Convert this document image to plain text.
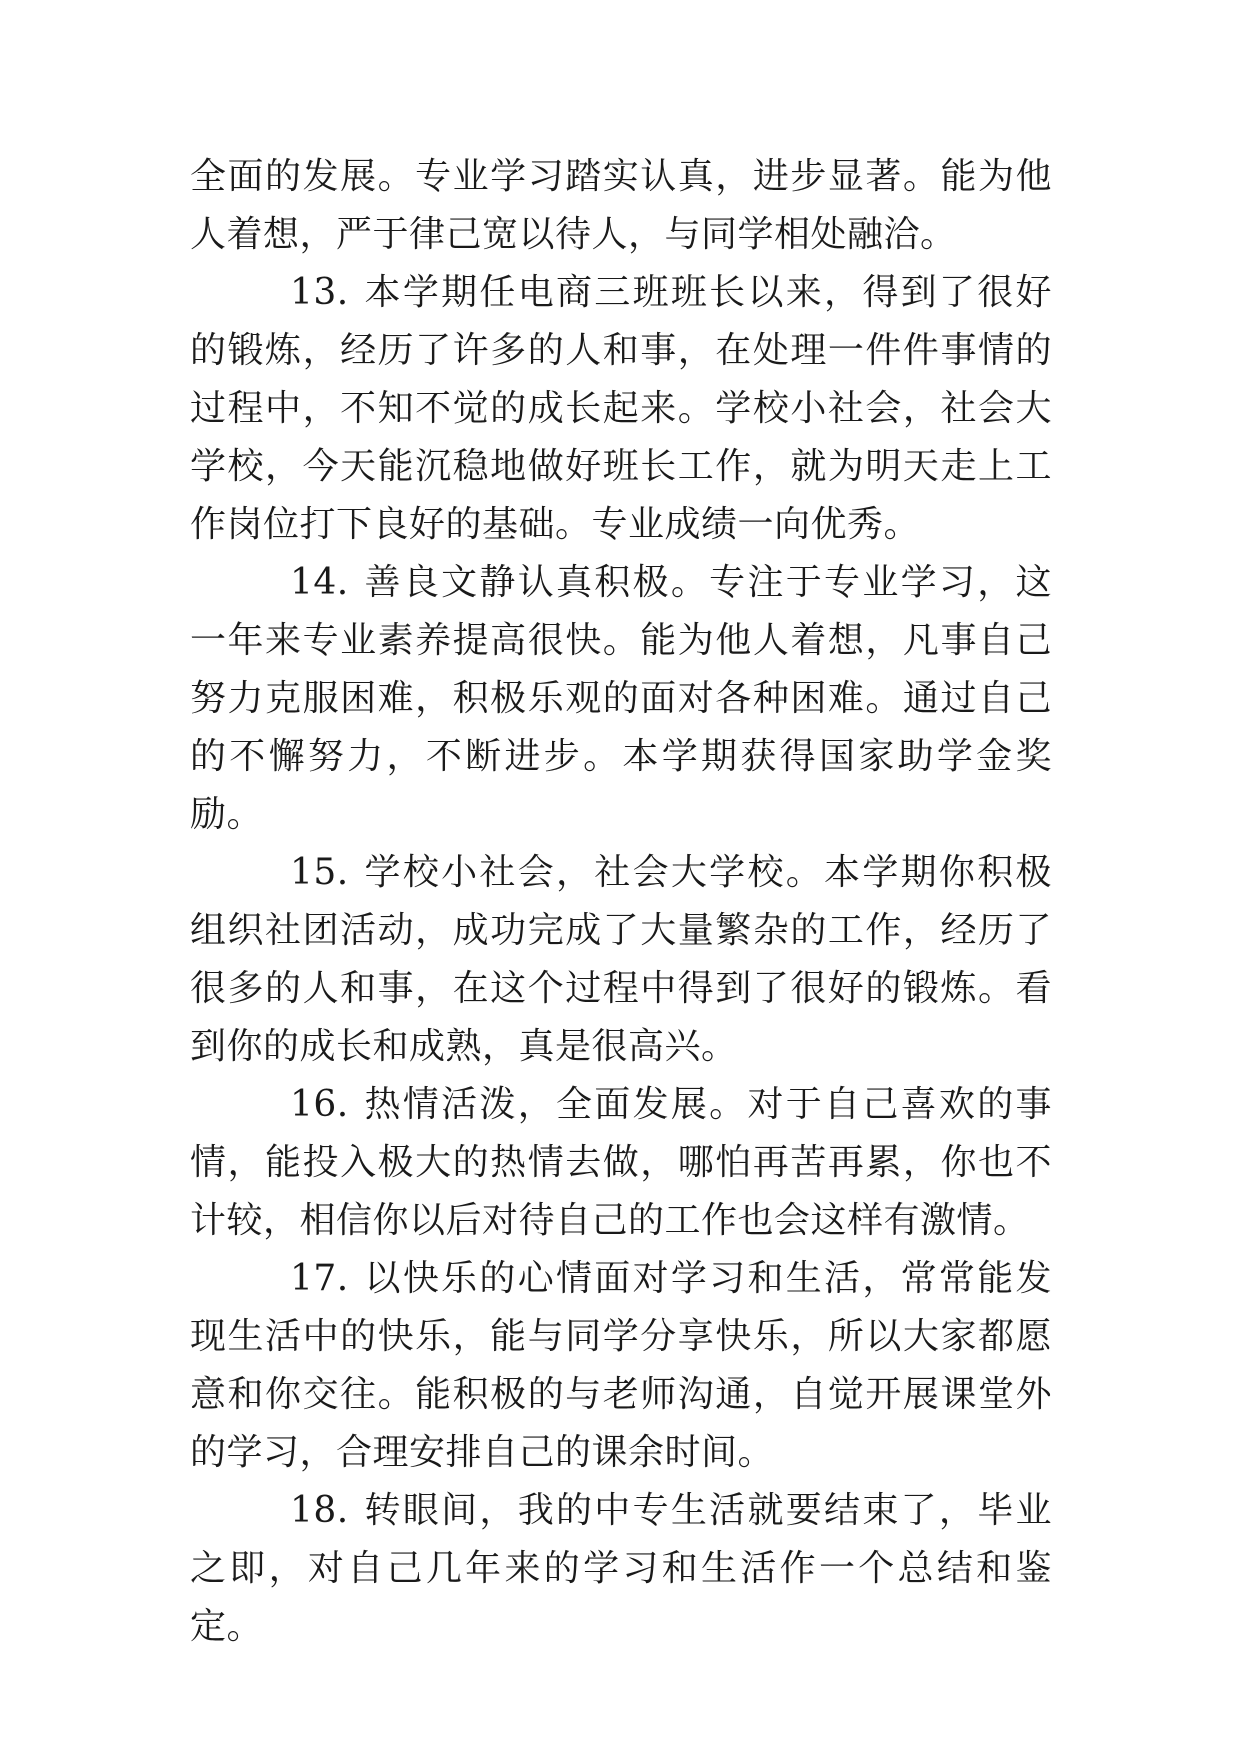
全面的发展。专业学习踏实认真，进步显著。能为他人着想，严于律己宽以待人，与同学相处融洽。

13. 本学期任电商三班班长以来，得到了很好的锻炼，经历了许多的人和事，在处理一件件事情的过程中，不知不觉的成长起来。学校小社会，社会大学校，今天能沉稳地做好班长工作，就为明天走上工作岗位打下良好的基础。专业成绩一向优秀。

14. 善良文静认真积极。专注于专业学习，这一年来专业素养提高很快。能为他人着想，凡事自己努力克服困难，积极乐观的面对各种困难。通过自己的不懈努力，不断进步。本学期获得国家助学金奖励。

15. 学校小社会，社会大学校。本学期你积极组织社团活动，成功完成了大量繁杂的工作，经历了很多的人和事，在这个过程中得到了很好的锻炼。看到你的成长和成熟，真是很高兴。

16. 热情活泼，全面发展。对于自己喜欢的事情，能投入极大的热情去做，哪怕再苦再累，你也不计较，相信你以后对待自己的工作也会这样有激情。

17. 以快乐的心情面对学习和生活，常常能发现生活中的快乐，能与同学分享快乐，所以大家都愿意和你交往。能积极的与老师沟通，自觉开展课堂外的学习，合理安排自己的课余时间。

18. 转眼间，我的中专生活就要结束了，毕业之即，对自己几年来的学习和生活作一个总结和鉴定。
